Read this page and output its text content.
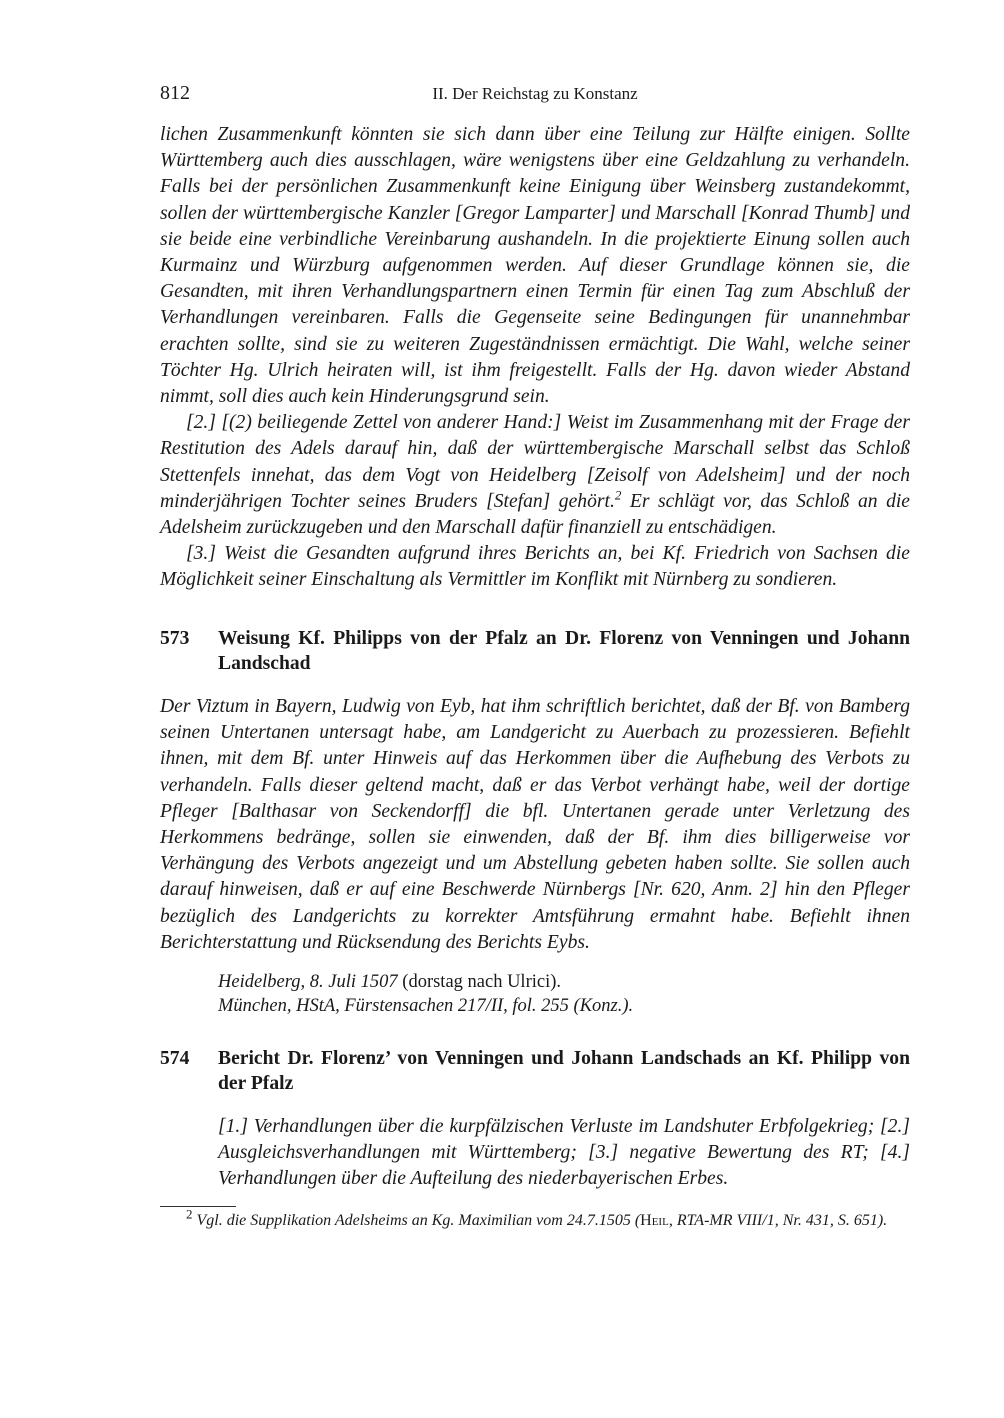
812	II. Der Reichstag zu Konstanz

lichen Zusammenkunft könnten sie sich dann über eine Teilung zur Hälfte einigen. Sollte Württemberg auch dies ausschlagen, wäre wenigstens über eine Geldzahlung zu verhandeln. Falls bei der persönlichen Zusammenkunft keine Einigung über Weinsberg zustandekommt, sollen der württembergische Kanzler [Gregor Lamparter] und Marschall [Konrad Thumb] und sie beide eine verbindliche Vereinbarung aushandeln. In die projektierte Einung sollen auch Kurmainz und Würzburg aufgenommen werden. Auf dieser Grundlage können sie, die Gesandten, mit ihren Verhandlungspartnern einen Termin für einen Tag zum Abschluß der Verhandlungen vereinbaren. Falls die Gegenseite seine Bedingungen für unannehmbar erachten sollte, sind sie zu weiteren Zugeständnissen ermächtigt. Die Wahl, welche seiner Töchter Hg. Ulrich heiraten will, ist ihm freigestellt. Falls der Hg. davon wieder Abstand nimmt, soll dies auch kein Hinderungsgrund sein.

[2.] [(2) beiliegende Zettel von anderer Hand:] Weist im Zusammenhang mit der Frage der Restitution des Adels darauf hin, daß der württembergische Marschall selbst das Schloß Stettenfels innehat, das dem Vogt von Heidelberg [Zeisolf von Adelsheim] und der noch minderjährigen Tochter seines Bruders [Stefan] gehört.$^2$ Er schlägt vor, das Schloß an die Adelsheim zurückzugeben und den Marschall dafür finanziell zu entschädigen.

[3.] Weist die Gesandten aufgrund ihres Berichts an, bei Kf. Friedrich von Sachsen die Möglichkeit seiner Einschaltung als Vermittler im Konflikt mit Nürnberg zu sondieren.

573 Weisung Kf. Philipps von der Pfalz an Dr. Florenz von Venningen und Johann Landschad

Der Viztum in Bayern, Ludwig von Eyb, hat ihm schriftlich berichtet, daß der Bf. von Bamberg seinen Untertanen untersagt habe, am Landgericht zu Auerbach zu prozessieren. Befiehlt ihnen, mit dem Bf. unter Hinweis auf das Herkommen über die Aufhebung des Verbots zu verhandeln. Falls dieser geltend macht, daß er das Verbot verhängt habe, weil der dortige Pfleger [Balthasar von Seckendorff] die bfl. Untertanen gerade unter Verletzung des Herkommens bedränge, sollen sie einwenden, daß der Bf. ihm dies billigerweise vor Verhängung des Verbots angezeigt und um Abstellung gebeten haben sollte. Sie sollen auch darauf hinweisen, daß er auf eine Beschwerde Nürnbergs [Nr. 620, Anm. 2] hin den Pfleger bezüglich des Landgerichts zu korrekter Amtsführung ermahnt habe. Befiehlt ihnen Berichterstattung und Rücksendung des Berichts Eybs.

Heidelberg, 8. Juli 1507 (dorstag nach Ulrici).
München, HStA, Fürstensachen 217/II, fol. 255 (Konz.).
574 Bericht Dr. Florenz’ von Venningen und Johann Landschads an Kf. Philipp von der Pfalz

[1.] Verhandlungen über die kurpfälzischen Verluste im Landshuter Erbfolgekrieg; [2.] Ausgleichsverhandlungen mit Württemberg; [3.] negative Bewertung des RT; [4.] Verhandlungen über die Aufteilung des niederbayerischen Erbes.

$^2$ Vgl. die Supplikation Adelsheims an Kg. Maximilian vom 24.7.1505 (Heil, RTA-MR VIII/1, Nr. 431, S. 651).
